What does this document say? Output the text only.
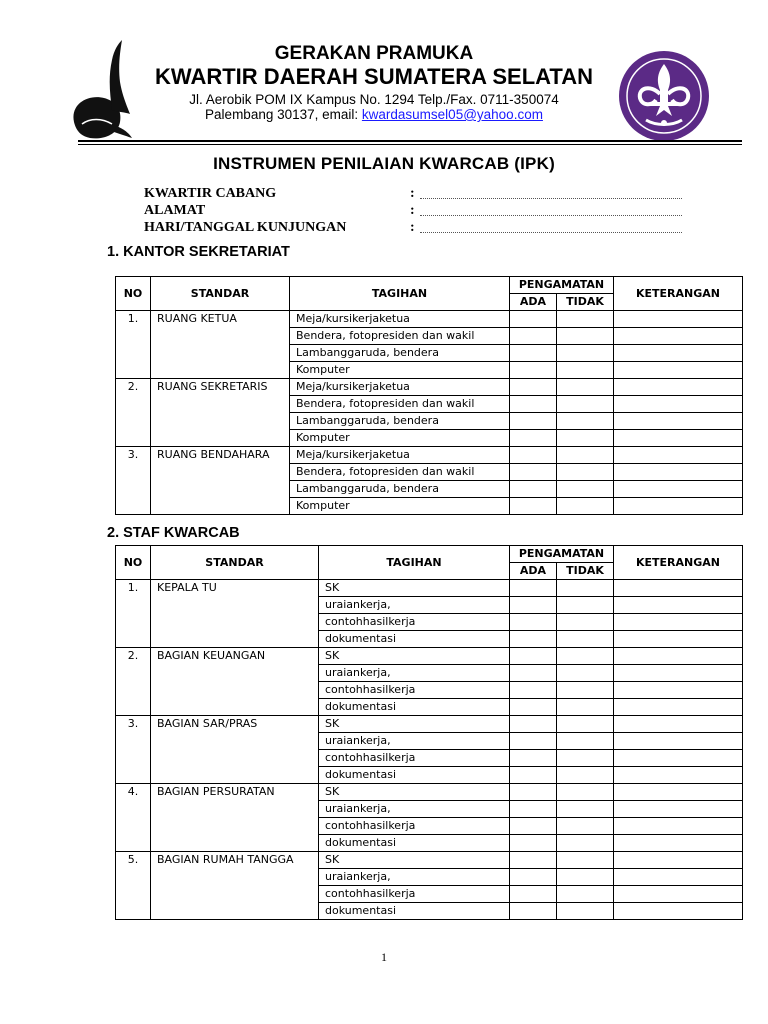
GERAKAN PRAMUKA
KWARTIR DAERAH SUMATERA SELATAN
Jl. Aerobik POM IX Kampus No. 1294 Telp./Fax. 0711-350074
Palembang 30137, email: kwardasumsel05@yahoo.com
INSTRUMEN PENILAIAN KWARCAB (IPK)
KWARTIR CABANG	:
ALAMAT	:
HARI/TANGGAL KUNJUNGAN	:
1. KANTOR SEKRETARIAT
NO	STANDAR	TAGIHAN	PENGAMATAN		KETERANGAN
			ADA	TIDAK	
1.	RUANG KETUA	Meja/kursikerjaketua			
		Bendera, fotopresiden dan wakil			
		Lambanggaruda, bendera			
		Komputer			
2.	RUANG SEKRETARIS	Meja/kursikerjaketua			
		Bendera, fotopresiden dan wakil			
		Lambanggaruda, bendera			
		Komputer			
3.	RUANG BENDAHARA	Meja/kursikerjaketua			
		Bendera, fotopresiden dan wakil			
		Lambanggaruda, bendera			
		Komputer			
2. STAF KWARCAB
NO	STANDAR	TAGIHAN	PENGAMATAN		KETERANGAN
			ADA	TIDAK	
1.	KEPALA TU	SK			
		uraiankerja,			
		contohhasilkerja			
		dokumentasi			
2.	BAGIAN KEUANGAN	SK			
		uraiankerja,			
		contohhasilkerja			
		dokumentasi			
3.	BAGIAN SAR/PRAS	SK			
		uraiankerja,			
		contohhasilkerja			
		dokumentasi			
4.	BAGIAN PERSURATAN	SK			
		uraiankerja,			
		contohhasilkerja			
		dokumentasi			
5.	BAGIAN RUMAH TANGGA	SK			
		uraiankerja,			
		contohhasilkerja			
		dokumentasi			
1
